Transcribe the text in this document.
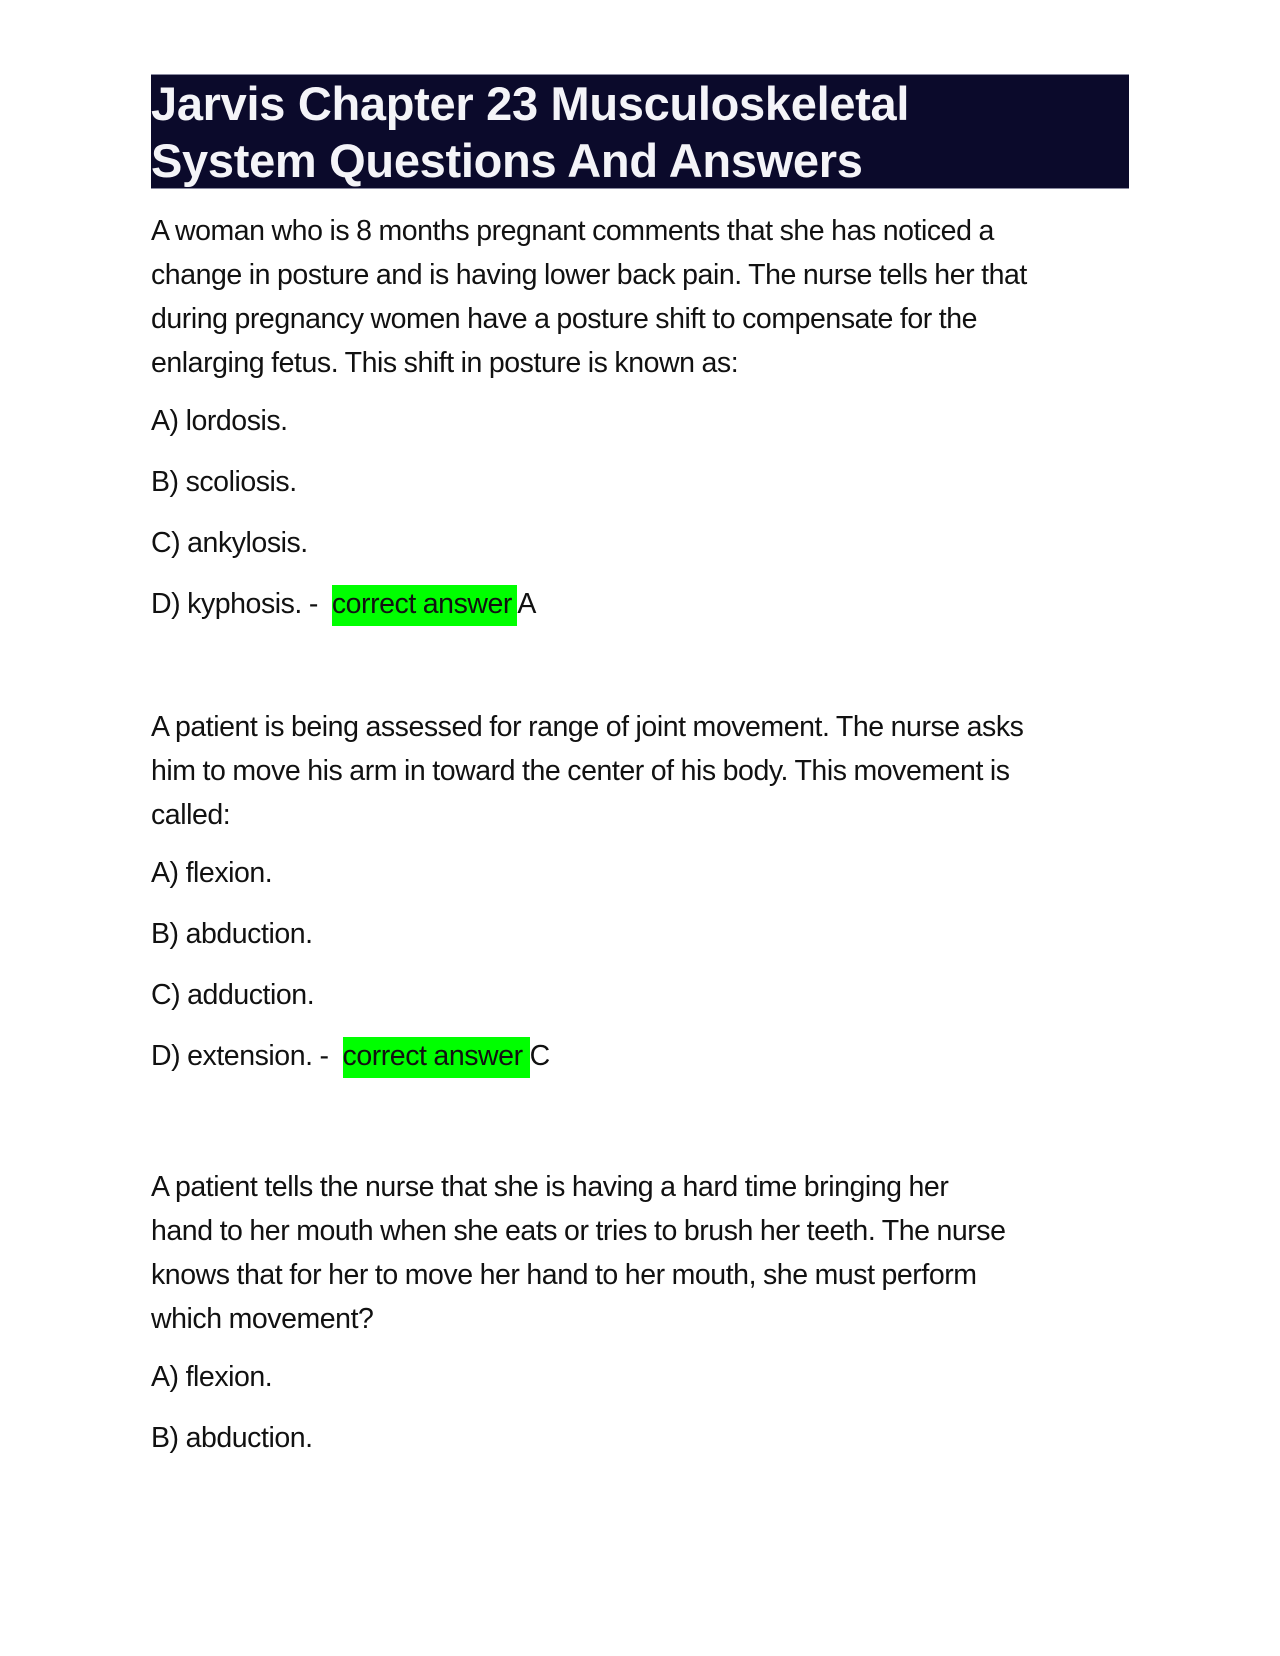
Jarvis Chapter 23 Musculoskeletal
System Questions And Answers

A woman who is 8 months pregnant comments that she has noticed a
change in posture and is having lower back pain. The nurse tells her that
during pregnancy women have a posture shift to compensate for the
enlarging fetus. This shift in posture is known as:

A) lordosis.

B) scoliosis.

C) ankylosis.

D) kyphosis. -  correct answer A

A patient is being assessed for range of joint movement. The nurse asks
him to move his arm in toward the center of his body. This movement is
called:

A) flexion.

B) abduction.

C) adduction.

D) extension. -  correct answer C

A patient tells the nurse that she is having a hard time bringing her
hand to her mouth when she eats or tries to brush her teeth. The nurse
knows that for her to move her hand to her mouth, she must perform
which movement?

A) flexion.

B) abduction.
